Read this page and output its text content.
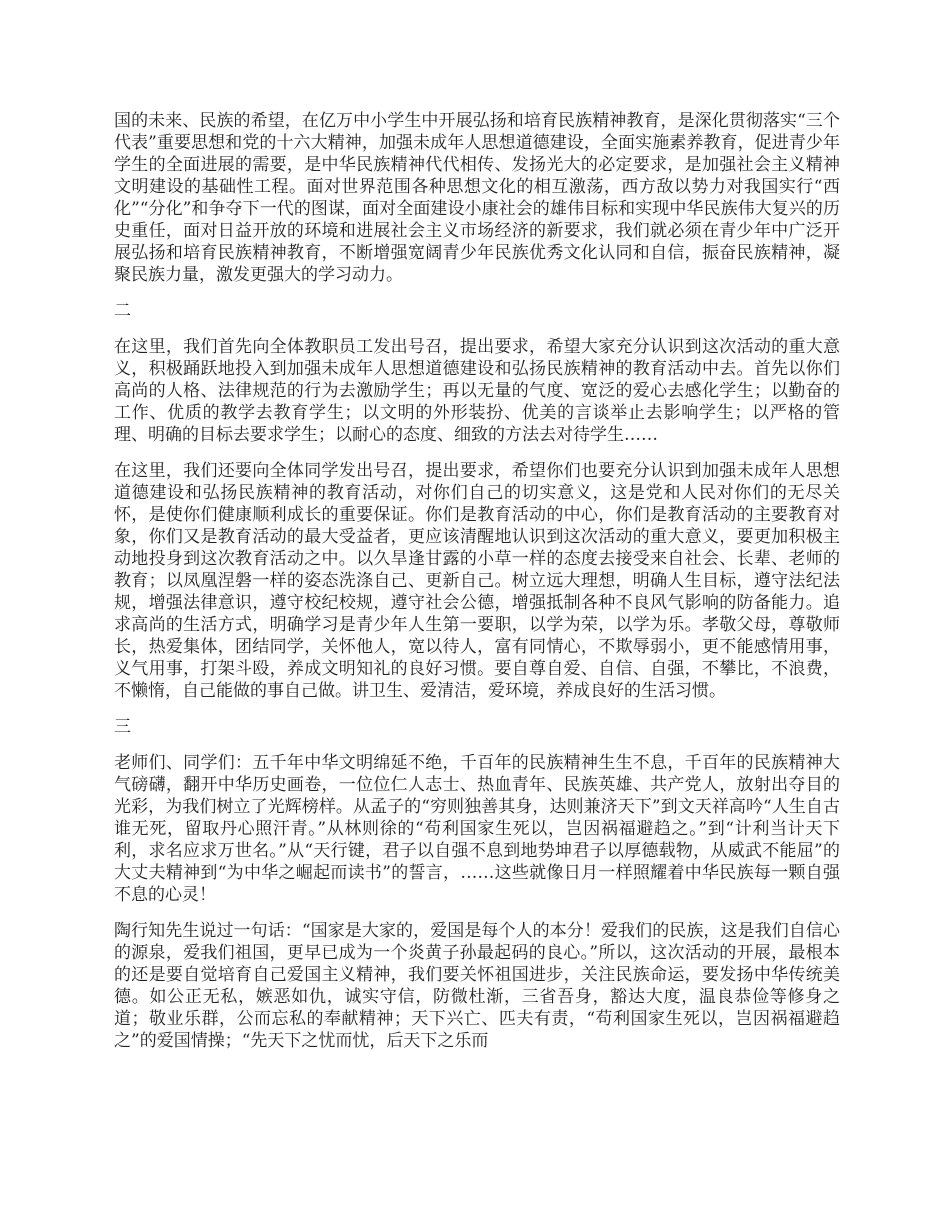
国的未来、民族的希望，在亿万中小学生中开展弘扬和培育民族精神教育，是深化贯彻落实“三个代表”重要思想和党的十六大精神，加强未成年人思想道德建设，全面实施素养教育，促进青少年学生的全面进展的需要，是中华民族精神代代相传、发扬光大的必定要求，是加强社会主义精神文明建设的基础性工程。面对世界范围各种思想文化的相互激荡，西方敌以势力对我国实行“西化”“分化”和争夺下一代的图谋，面对全面建设小康社会的雄伟目标和实现中华民族伟大复兴的历史重任，面对日益开放的环境和进展社会主义市场经济的新要求，我们就必须在青少年中广泛开展弘扬和培育民族精神教育，不断增强宽阔青少年民族优秀文化认同和自信，振奋民族精神，凝聚民族力量，激发更强大的学习动力。

二

在这里，我们首先向全体教职员工发出号召，提出要求，希望大家充分认识到这次活动的重大意义，积极踊跃地投入到加强未成年人思想道德建设和弘扬民族精神的教育活动中去。首先以你们高尚的人格、法律规范的行为去激励学生；再以无量的气度、宽泛的爱心去感化学生；以勤奋的工作、优质的教学去教育学生；以文明的外形装扮、优美的言谈举止去影响学生；以严格的管理、明确的目标去要求学生；以耐心的态度、细致的方法去对待学生……

在这里，我们还要向全体同学发出号召，提出要求，希望你们也要充分认识到加强未成年人思想道德建设和弘扬民族精神的教育活动，对你们自己的切实意义，这是党和人民对你们的无尽关怀，是使你们健康顺利成长的重要保证。你们是教育活动的中心，你们是教育活动的主要教育对象，你们又是教育活动的最大受益者，更应该清醒地认识到这次活动的重大意义，要更加积极主动地投身到这次教育活动之中。以久旱逢甘露的小草一样的态度去接受来自社会、长辈、老师的教育；以凤凰涅磐一样的姿态洗涤自己、更新自己。树立远大理想，明确人生目标，遵守法纪法规，增强法律意识，遵守校纪校规，遵守社会公德，增强抵制各种不良风气影响的防备能力。追求高尚的生活方式，明确学习是青少年人生第一要职，以学为荣，以学为乐。孝敬父母，尊敬师长，热爱集体，团结同学，关怀他人，宽以待人，富有同情心，不欺辱弱小，更不能感情用事，义气用事，打架斗殴，养成文明知礼的良好习惯。要自尊自爱、自信、自强，不攀比，不浪费，不懒惰，自己能做的事自己做。讲卫生、爱清洁，爱环境，养成良好的生活习惯。

三

老师们、同学们：五千年中华文明绵延不绝，千百年的民族精神生生不息，千百年的民族精神大气磅礴，翻开中华历史画卷，一位位仁人志士、热血青年、民族英雄、共产党人，放射出夺目的光彩，为我们树立了光辉榜样。从孟子的“穷则独善其身，达则兼济天下”到文天祥高吟“人生自古谁无死，留取丹心照汗青。”从林则徐的“苟利国家生死以，岂因祸福避趋之。”到“计利当计天下利，求名应求万世名。”从“天行键，君子以自强不息到地势坤君子以厚德载物，从威武不能屈”的大丈夫精神到“为中华之崛起而读书”的誓言，……这些就像日月一样照耀着中华民族每一颗自强不息的心灵！

陶行知先生说过一句话：“国家是大家的，爱国是每个人的本分！爱我们的民族，这是我们自信心的源泉，爱我们祖国，更早已成为一个炎黄子孙最起码的良心。”所以，这次活动的开展，最根本的还是要自觉培育自己爱国主义精神，我们要关怀祖国进步，关注民族命运，要发扬中华传统美德。如公正无私，嫉恶如仇，诚实守信，防微杜渐，三省吾身，豁达大度，温良恭俭等修身之道；敬业乐群，公而忘私的奉献精神；天下兴亡、匹夫有责，“苟利国家生死以，岂因祸福避趋之”的爱国情操；“先天下之忧而忧，后天下之乐而
